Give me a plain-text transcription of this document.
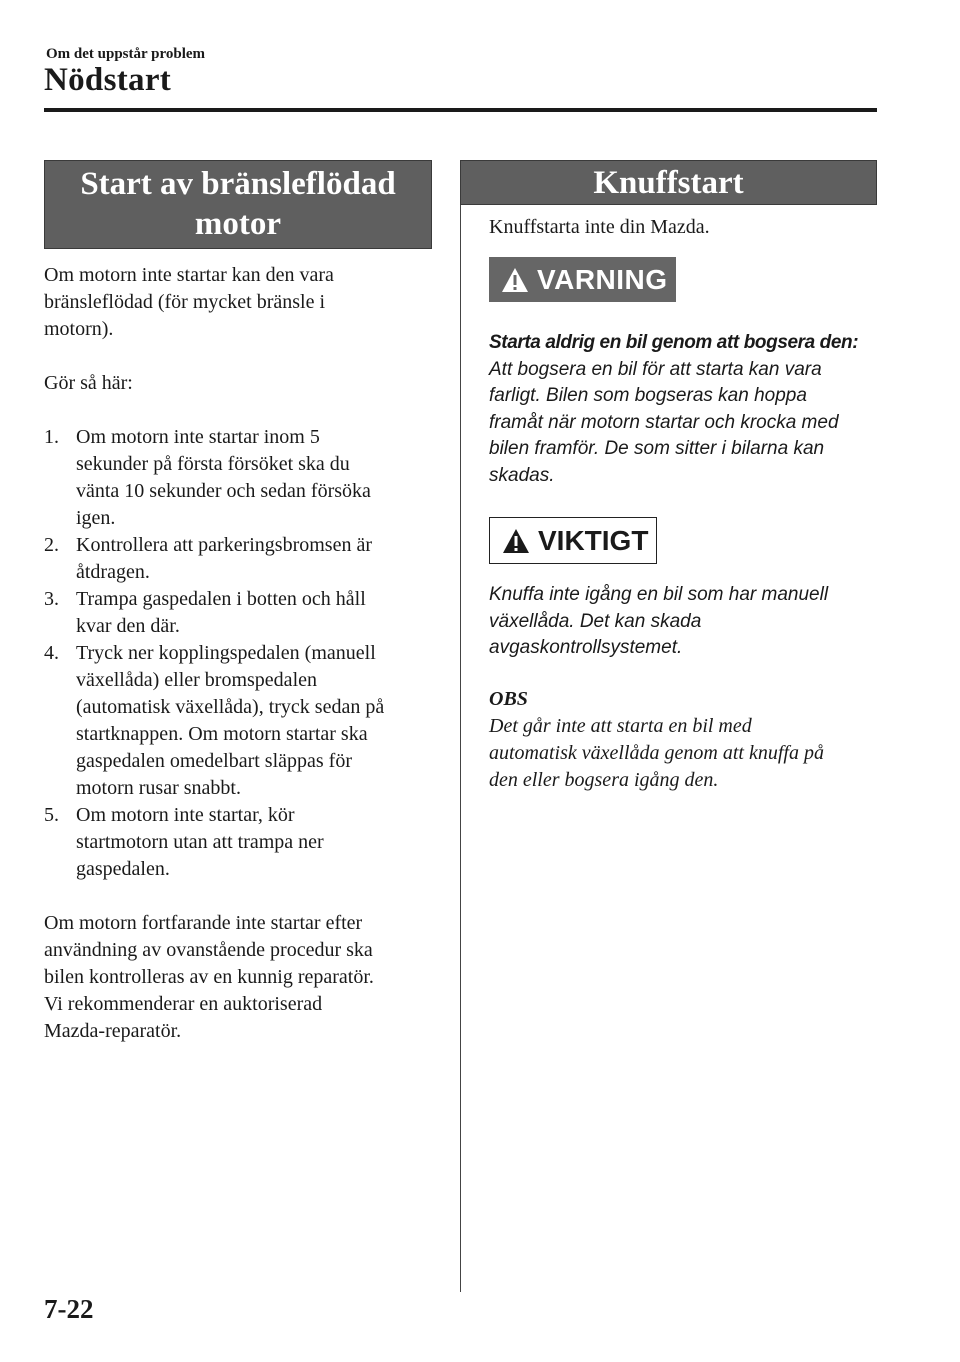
Om det uppstår problem
Nödstart
Start av bränsleflödad
motor

Om motorn inte startar kan den vara

bränsleflödad (för mycket bränsle i

motorn).

Gör så här:

1. Om motorn inte startar inom 5
sekunder på första försöket ska du
vänta 10 sekunder och sedan försöka
igen.
2. Kontrollera att parkeringsbromsen är
åtdragen.
3. Trampa gaspedalen i botten och håll
kvar den där.
4. Tryck ner kopplingspedalen (manuell
växellåda) eller bromspedalen
(automatisk växellåda), tryck sedan på
startknappen. Om motorn startar ska
gaspedalen omedelbart släppas för
motorn rusar snabbt.
5. Om motorn inte startar, kör
startmotorn utan att trampa ner
gaspedalen.

Om motorn fortfarande inte startar efter

användning av ovanstående procedur ska

bilen kontrolleras av en kunnig reparatör.

Vi rekommenderar en auktoriserad

Mazda-reparatör.

Knuffstart

Knuffstarta inte din Mazda.

VARNING

Starta aldrig en bil genom att bogsera den:

Att bogsera en bil för att starta kan vara

farligt. Bilen som bogseras kan hoppa

framåt när motorn startar och krocka med

bilen framför. De som sitter i bilarna kan

skadas.

VIKTIGT

Knuffa inte igång en bil som har manuell

växellåda. Det kan skada

avgaskontrollsystemet.

OBS

Det går inte att starta en bil med

automatisk växellåda genom att knuffa på

den eller bogsera igång den.

7-22
